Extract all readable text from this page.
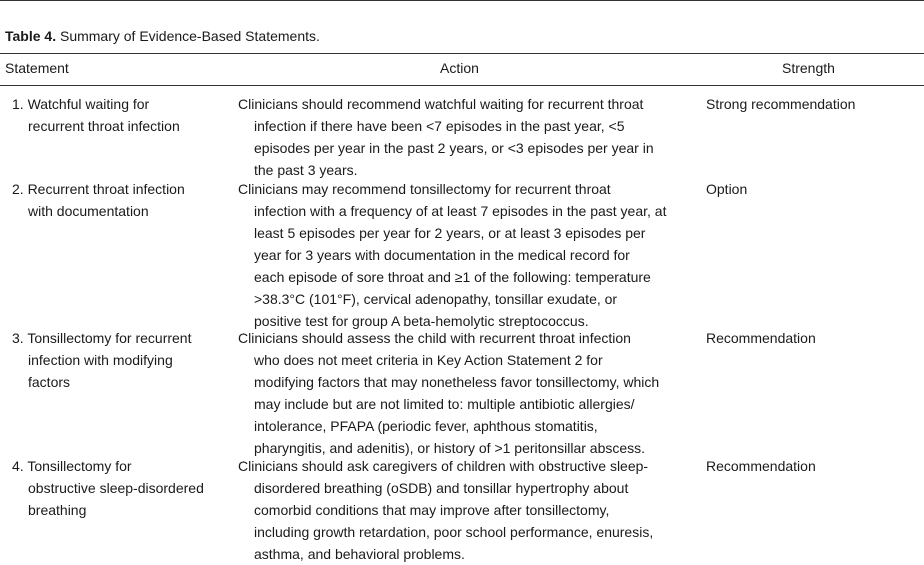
Table 4. Summary of Evidence-Based Statements.
Statement	Action	Strength
1. Watchful waiting for
recurrent throat infection
Clinicians should recommend watchful waiting for recurrent throat
infection if there have been <7 episodes in the past year, <5
episodes per year in the past 2 years, or <3 episodes per year in
the past 3 years.
Strong recommendation
2. Recurrent throat infection
with documentation
Clinicians may recommend tonsillectomy for recurrent throat
infection with a frequency of at least 7 episodes in the past year, at
least 5 episodes per year for 2 years, or at least 3 episodes per
year for 3 years with documentation in the medical record for
each episode of sore throat and ≥1 of the following: temperature
>38.3°C (101°F), cervical adenopathy, tonsillar exudate, or
positive test for group A beta-hemolytic streptococcus.
Option
3. Tonsillectomy for recurrent
infection with modifying
factors
Clinicians should assess the child with recurrent throat infection
who does not meet criteria in Key Action Statement 2 for
modifying factors that may nonetheless favor tonsillectomy, which
may include but are not limited to: multiple antibiotic allergies/
intolerance, PFAPA (periodic fever, aphthous stomatitis,
pharyngitis, and adenitis), or history of >1 peritonsillar abscess.
Recommendation
4. Tonsillectomy for
obstructive sleep-disordered
breathing
Clinicians should ask caregivers of children with obstructive sleep-
disordered breathing (oSDB) and tonsillar hypertrophy about
comorbid conditions that may improve after tonsillectomy,
including growth retardation, poor school performance, enuresis,
asthma, and behavioral problems.
Recommendation
